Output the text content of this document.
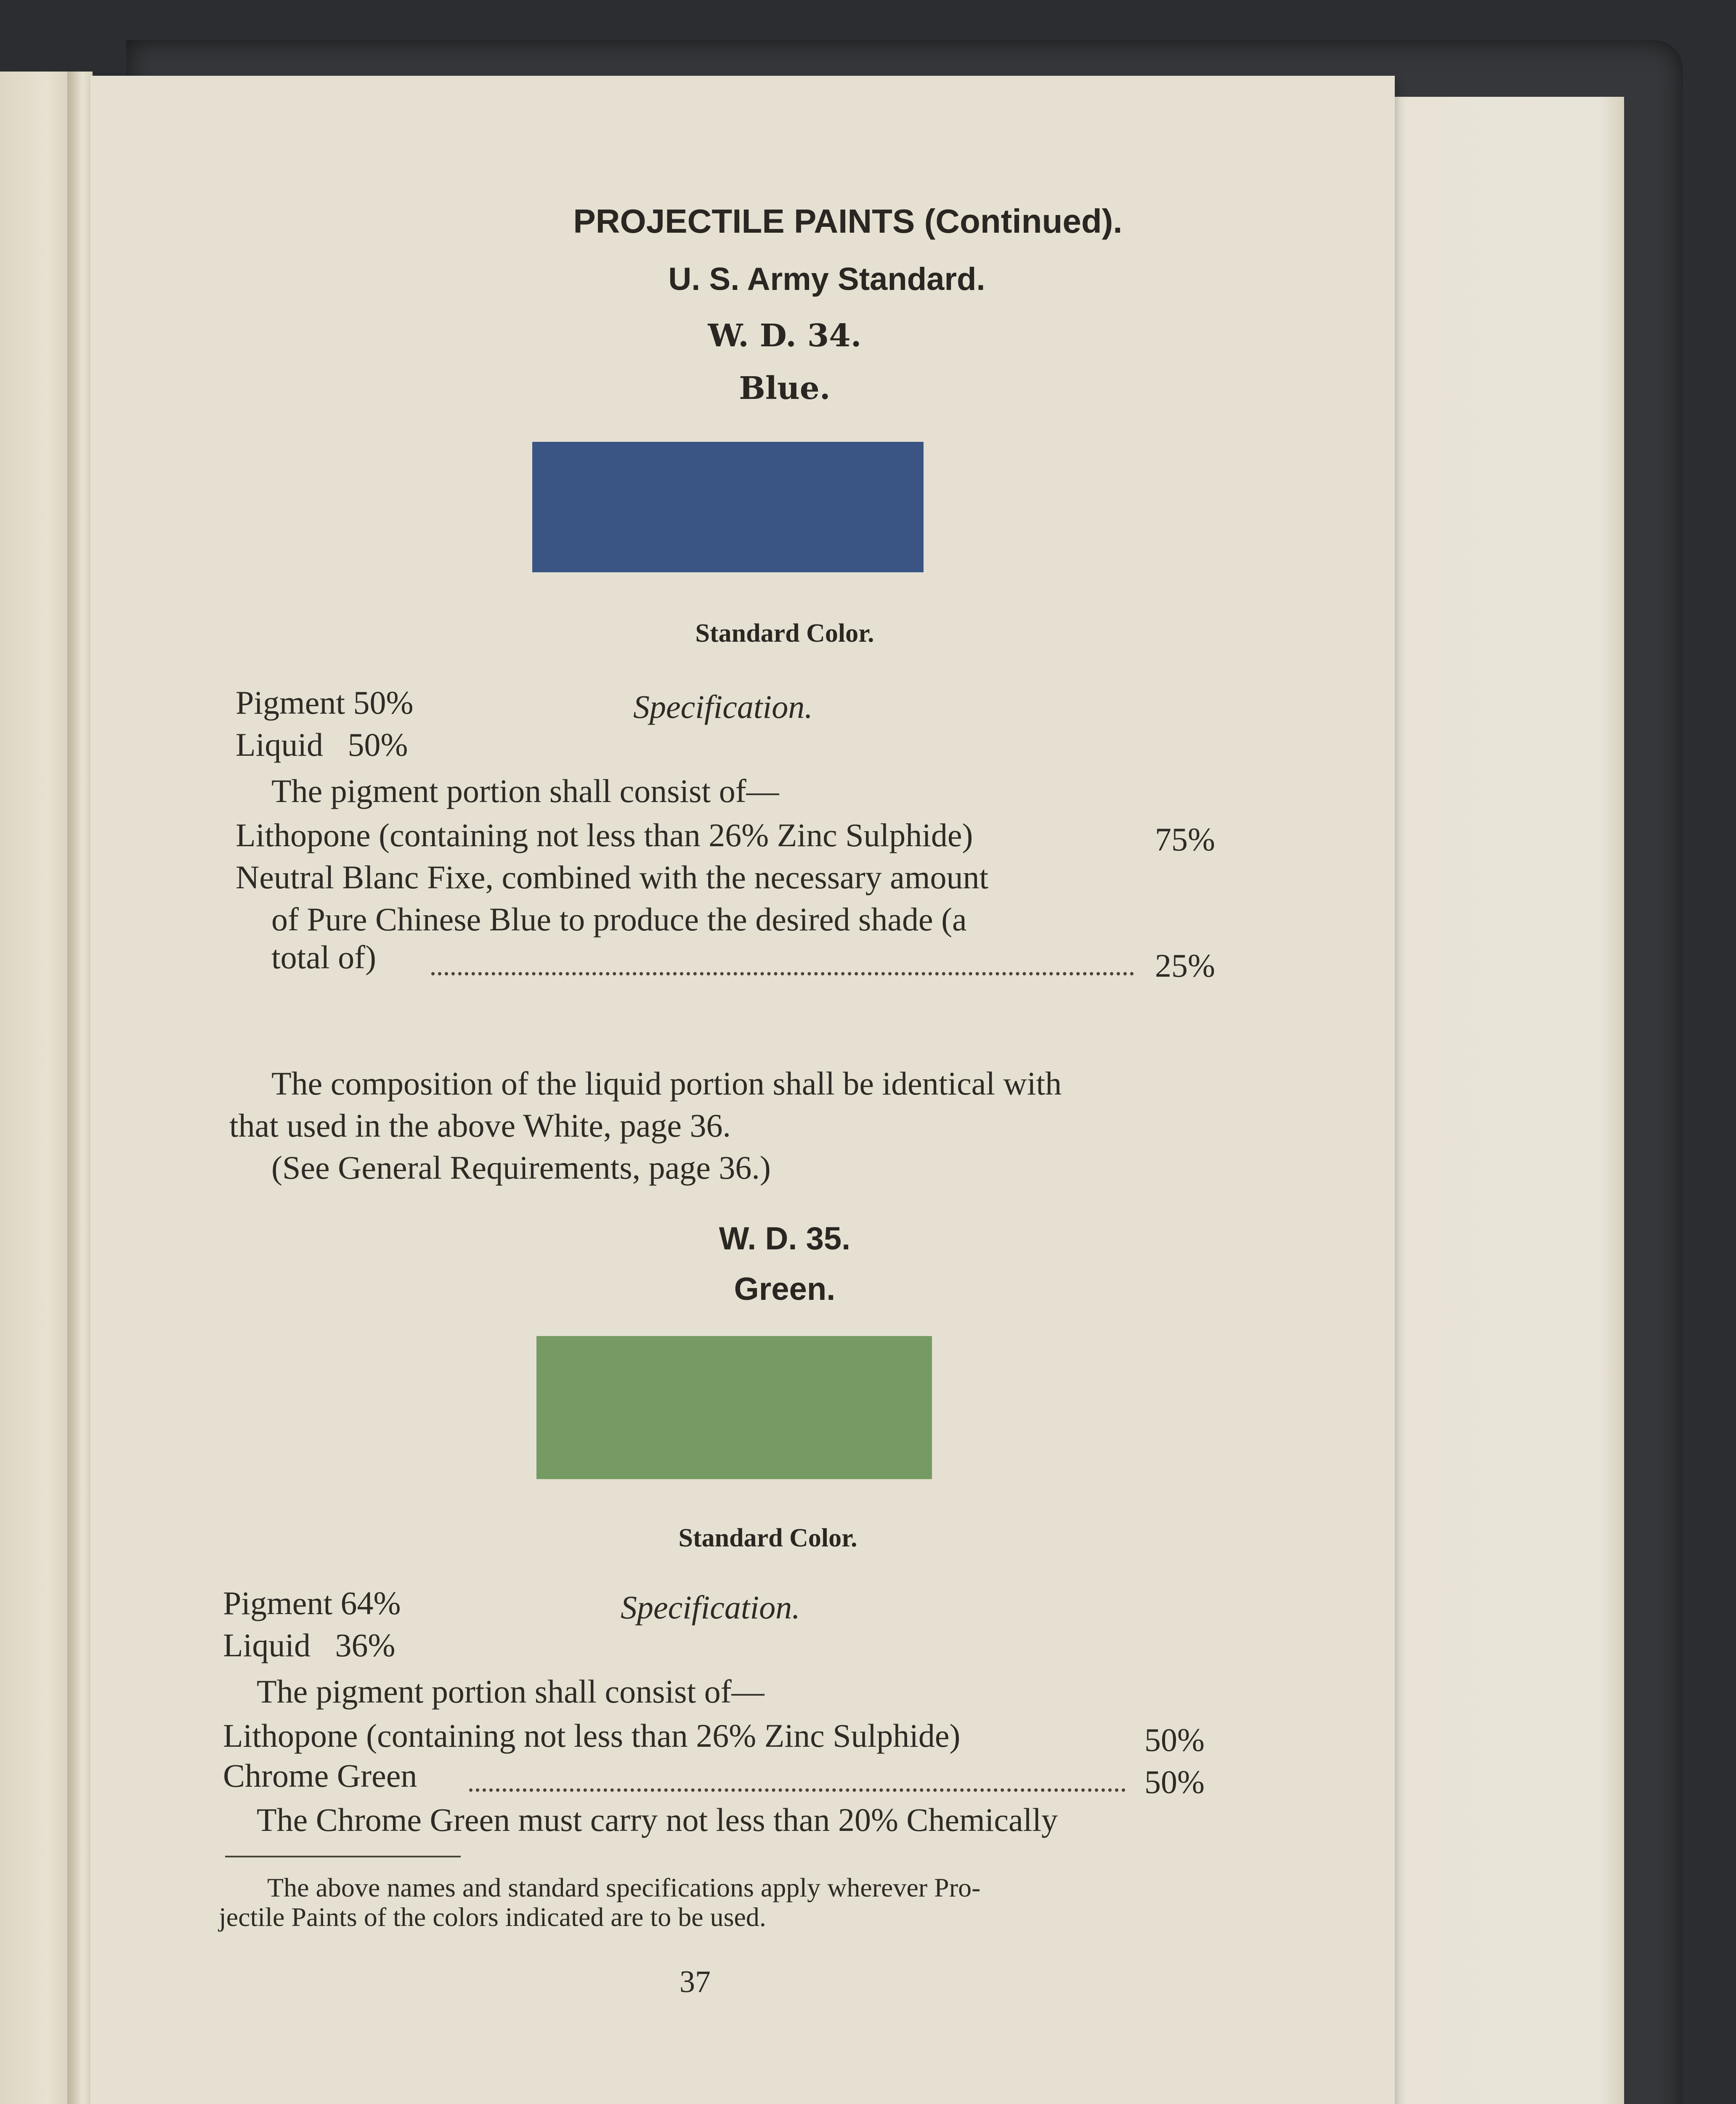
PROJECTILE PAINTS (Continued).
U. S. Army Standard.
W. D. 34.
Blue.
Standard Color.
Pigment 50%	Specification.
Liquid   50%
The pigment portion shall consist of—
Lithopone (containing not less than 26% Zinc Sulphide)	75%
Neutral Blanc Fixe, combined with the necessary amount
of Pure Chinese Blue to produce the desired shade (a
total of)	25%
The composition of the liquid portion shall be identical with
that used in the above White, page 36.
(See General Requirements, page 36.)
W. D. 35.
Green.
Standard Color.
Pigment 64%	Specification.
Liquid   36%
The pigment portion shall consist of—
Lithopone (containing not less than 26% Zinc Sulphide)	50%
Chrome Green	50%
The Chrome Green must carry not less than 20% Chemically
The above names and standard specifications apply wherever Pro-
jectile Paints of the colors indicated are to be used.
37
